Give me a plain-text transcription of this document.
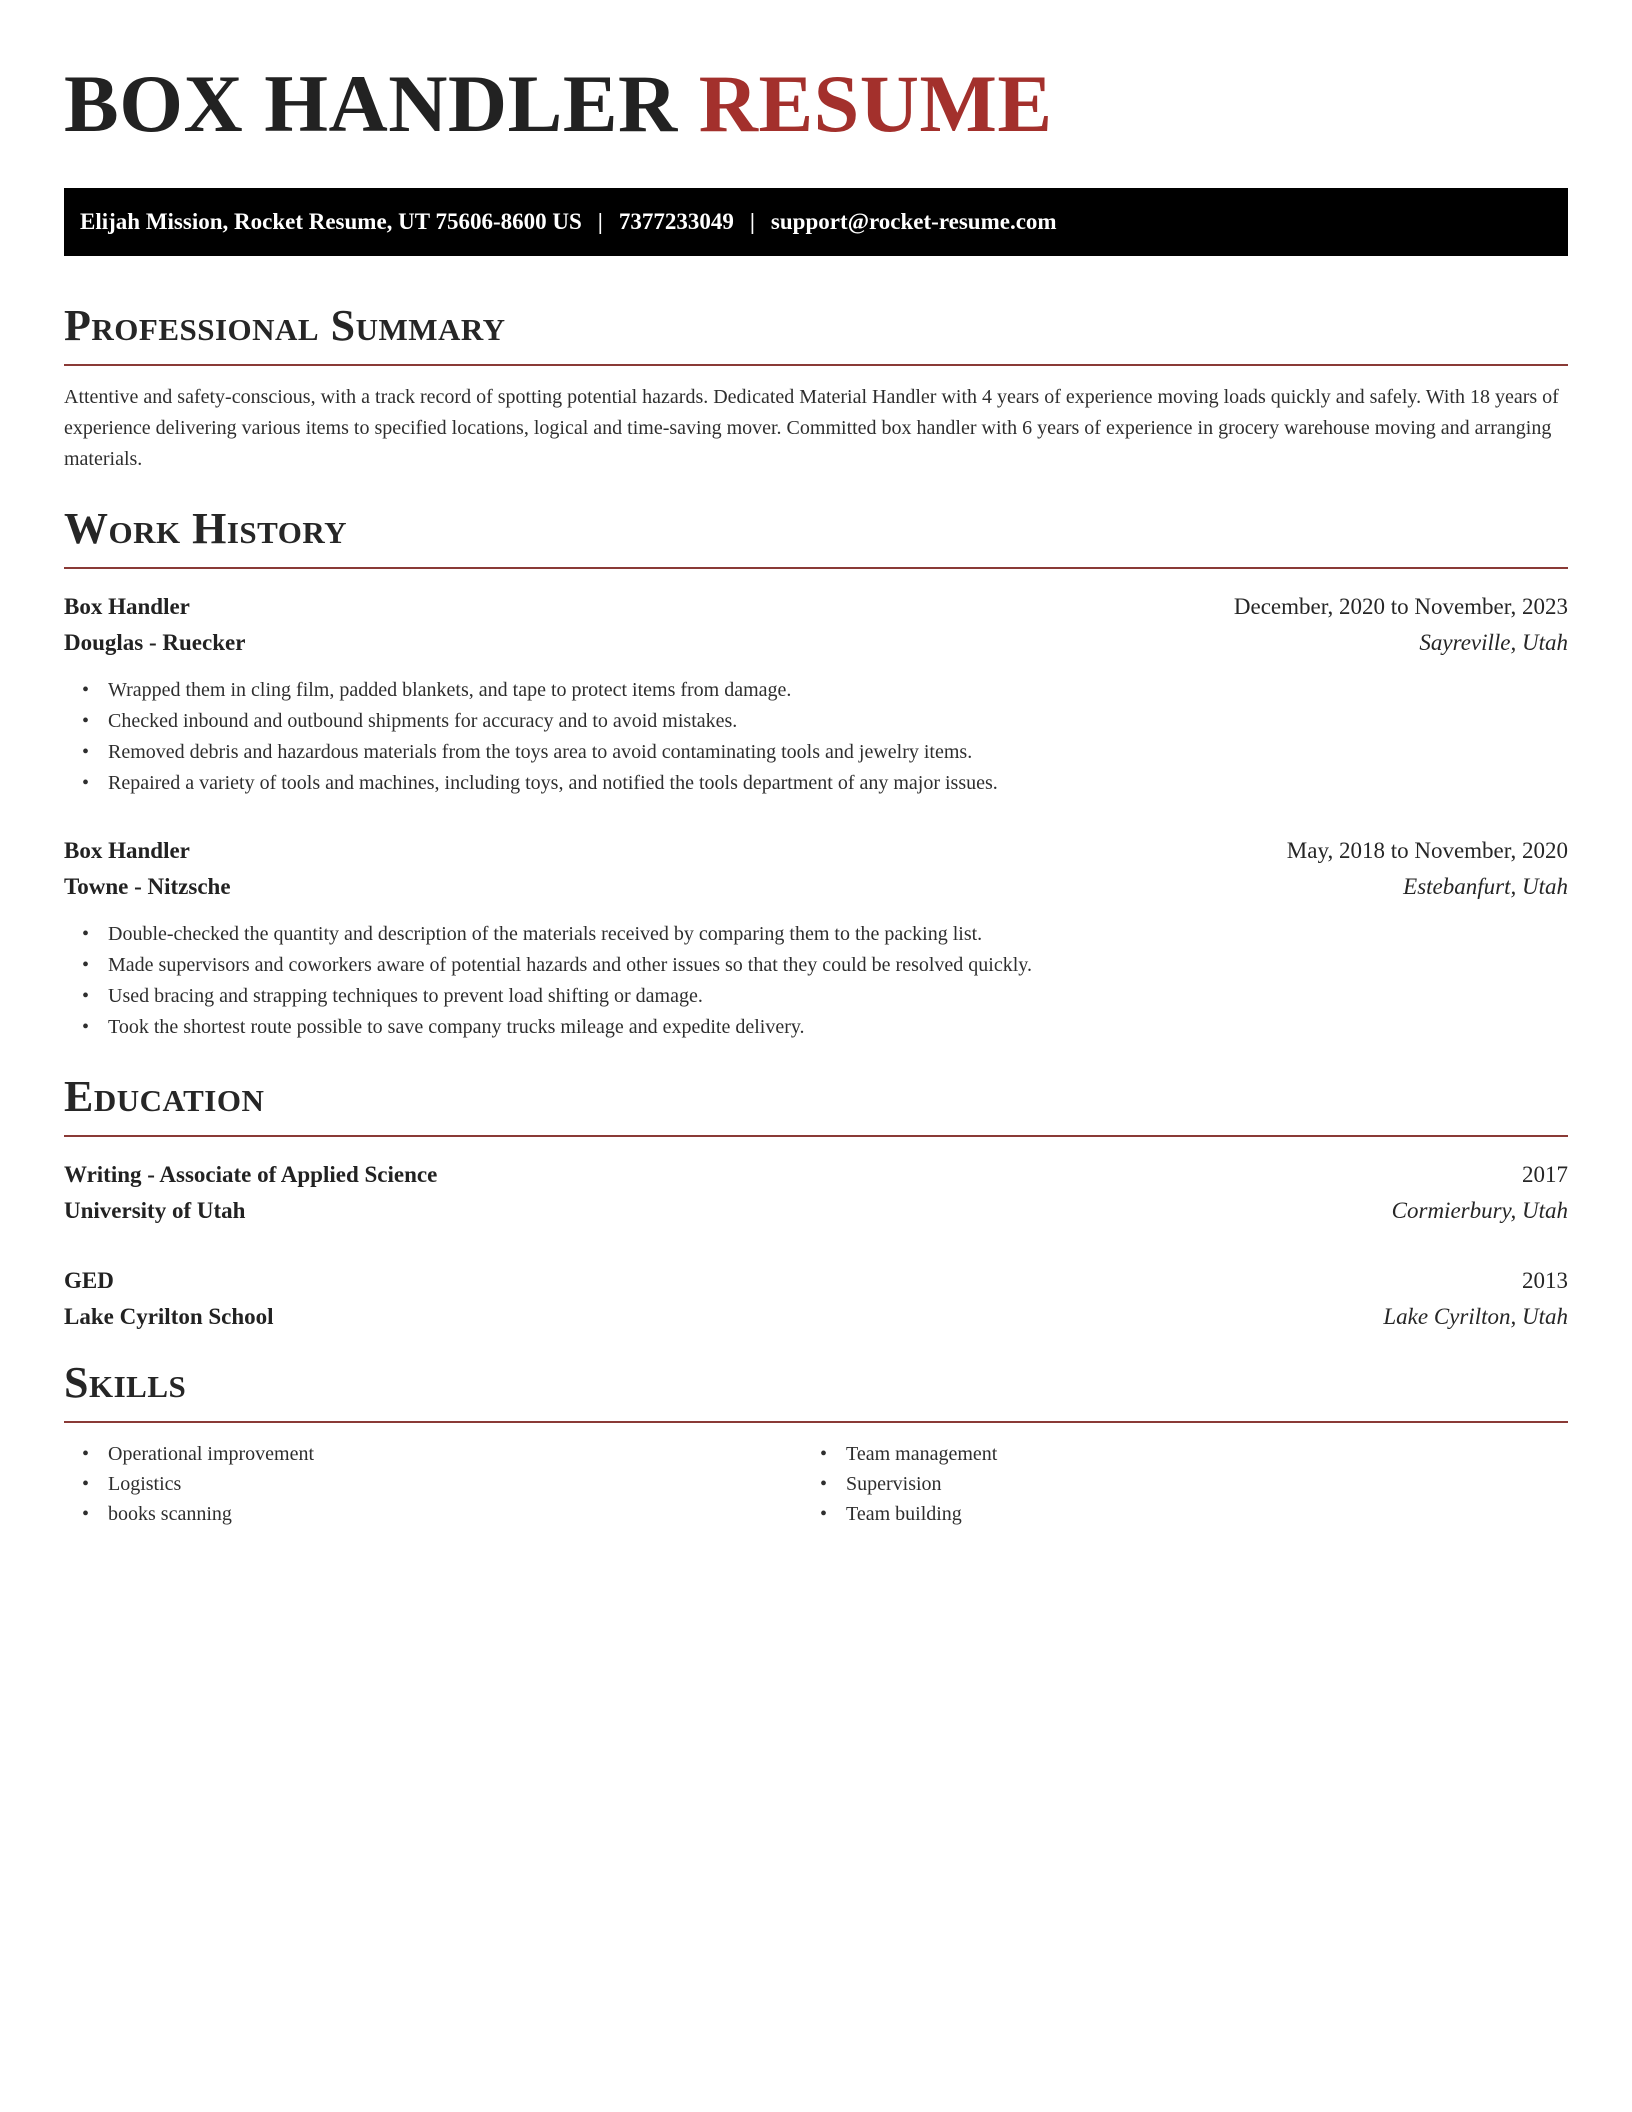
BOX HANDLER RESUME
Elijah Mission, Rocket Resume, UT 75606-8600 US | 7377233049 | support@rocket-resume.com
Professional Summary

Attentive and safety-conscious, with a track record of spotting potential hazards. Dedicated Material Handler with 4 years of experience moving loads quickly and safely. With 18 years of experience delivering various items to specified locations, logical and time-saving mover. Committed box handler with 6 years of experience in grocery warehouse moving and arranging materials.

Work History
Box Handler	December, 2020 to November, 2023
Douglas - Ruecker	Sayreville, Utah
• Wrapped them in cling film, padded blankets, and tape to protect items from damage.
• Checked inbound and outbound shipments for accuracy and to avoid mistakes.
• Removed debris and hazardous materials from the toys area to avoid contaminating tools and jewelry items.
• Repaired a variety of tools and machines, including toys, and notified the tools department of any major issues.
Box Handler	May, 2018 to November, 2020
Towne - Nitzsche	Estebanfurt, Utah
• Double-checked the quantity and description of the materials received by comparing them to the packing list.
• Made supervisors and coworkers aware of potential hazards and other issues so that they could be resolved quickly.
• Used bracing and strapping techniques to prevent load shifting or damage.
• Took the shortest route possible to save company trucks mileage and expedite delivery.
Education
Writing - Associate of Applied Science	2017
University of Utah	Cormierbury, Utah
GED	2013
Lake Cyrilton School	Lake Cyrilton, Utah
Skills
• Operational improvement
• Logistics
• books scanning
• Team management
• Supervision
• Team building
